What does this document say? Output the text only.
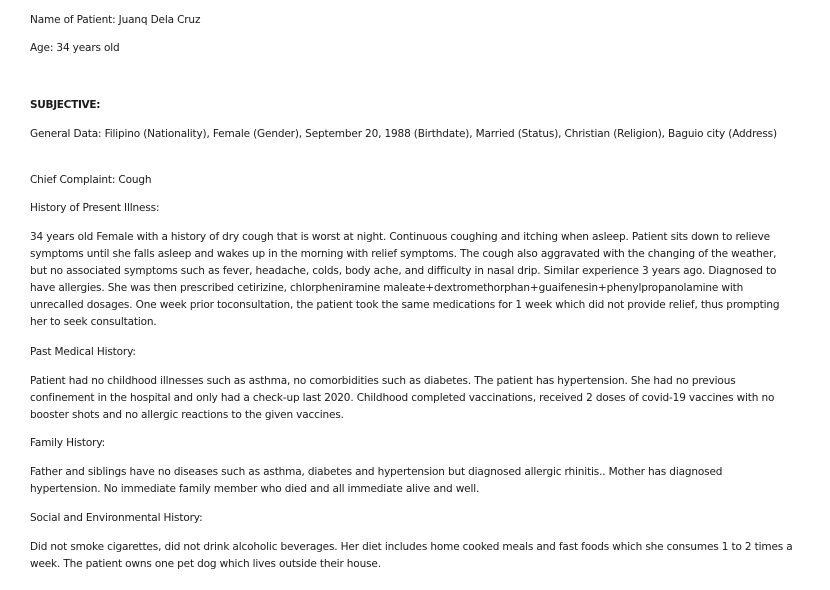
Name of Patient: Juanq Dela Cruz

Age: 34 years old

SUBJECTIVE:

General Data: Filipino (Nationality), Female (Gender), September 20, 1988 (Birthdate), Married (Status), Christian (Religion), Baguio city (Address)

Chief Complaint: Cough

History of Present Illness:

34 years old Female with a history of dry cough that is worst at night. Continuous coughing and itching when asleep. Patient sits down to relieve symptoms until she falls asleep and wakes up in the morning with relief symptoms. The cough also aggravated with the changing of the weather, but no associated symptoms such as fever, headache, colds, body ache, and difficulty in nasal drip. Similar experience 3 years ago. Diagnosed to have allergies. She was then prescribed cetirizine, chlorpheniramine maleate+dextromethorphan+guaifenesin+phenylpropanolamine with unrecalled dosages. One week prior toconsultation, the patient took the same medications for 1 week which did not provide relief, thus prompting her to seek consultation.

Past Medical History:

Patient had no childhood illnesses such as asthma, no comorbidities such as diabetes. The patient has hypertension. She had no previous confinement in the hospital and only had a check-up last 2020. Childhood completed vaccinations, received 2 doses of covid-19 vaccines with no booster shots and no allergic reactions to the given vaccines.

Family History:

Father and siblings have no diseases such as asthma, diabetes and hypertension but diagnosed allergic rhinitis.. Mother has diagnosed hypertension. No immediate family member who died and all immediate alive and well.

Social and Environmental History:

Did not smoke cigarettes, did not drink alcoholic beverages. Her diet includes home cooked meals and fast foods which she consumes 1 to 2 times a week. The patient owns one pet dog which lives outside their house.
